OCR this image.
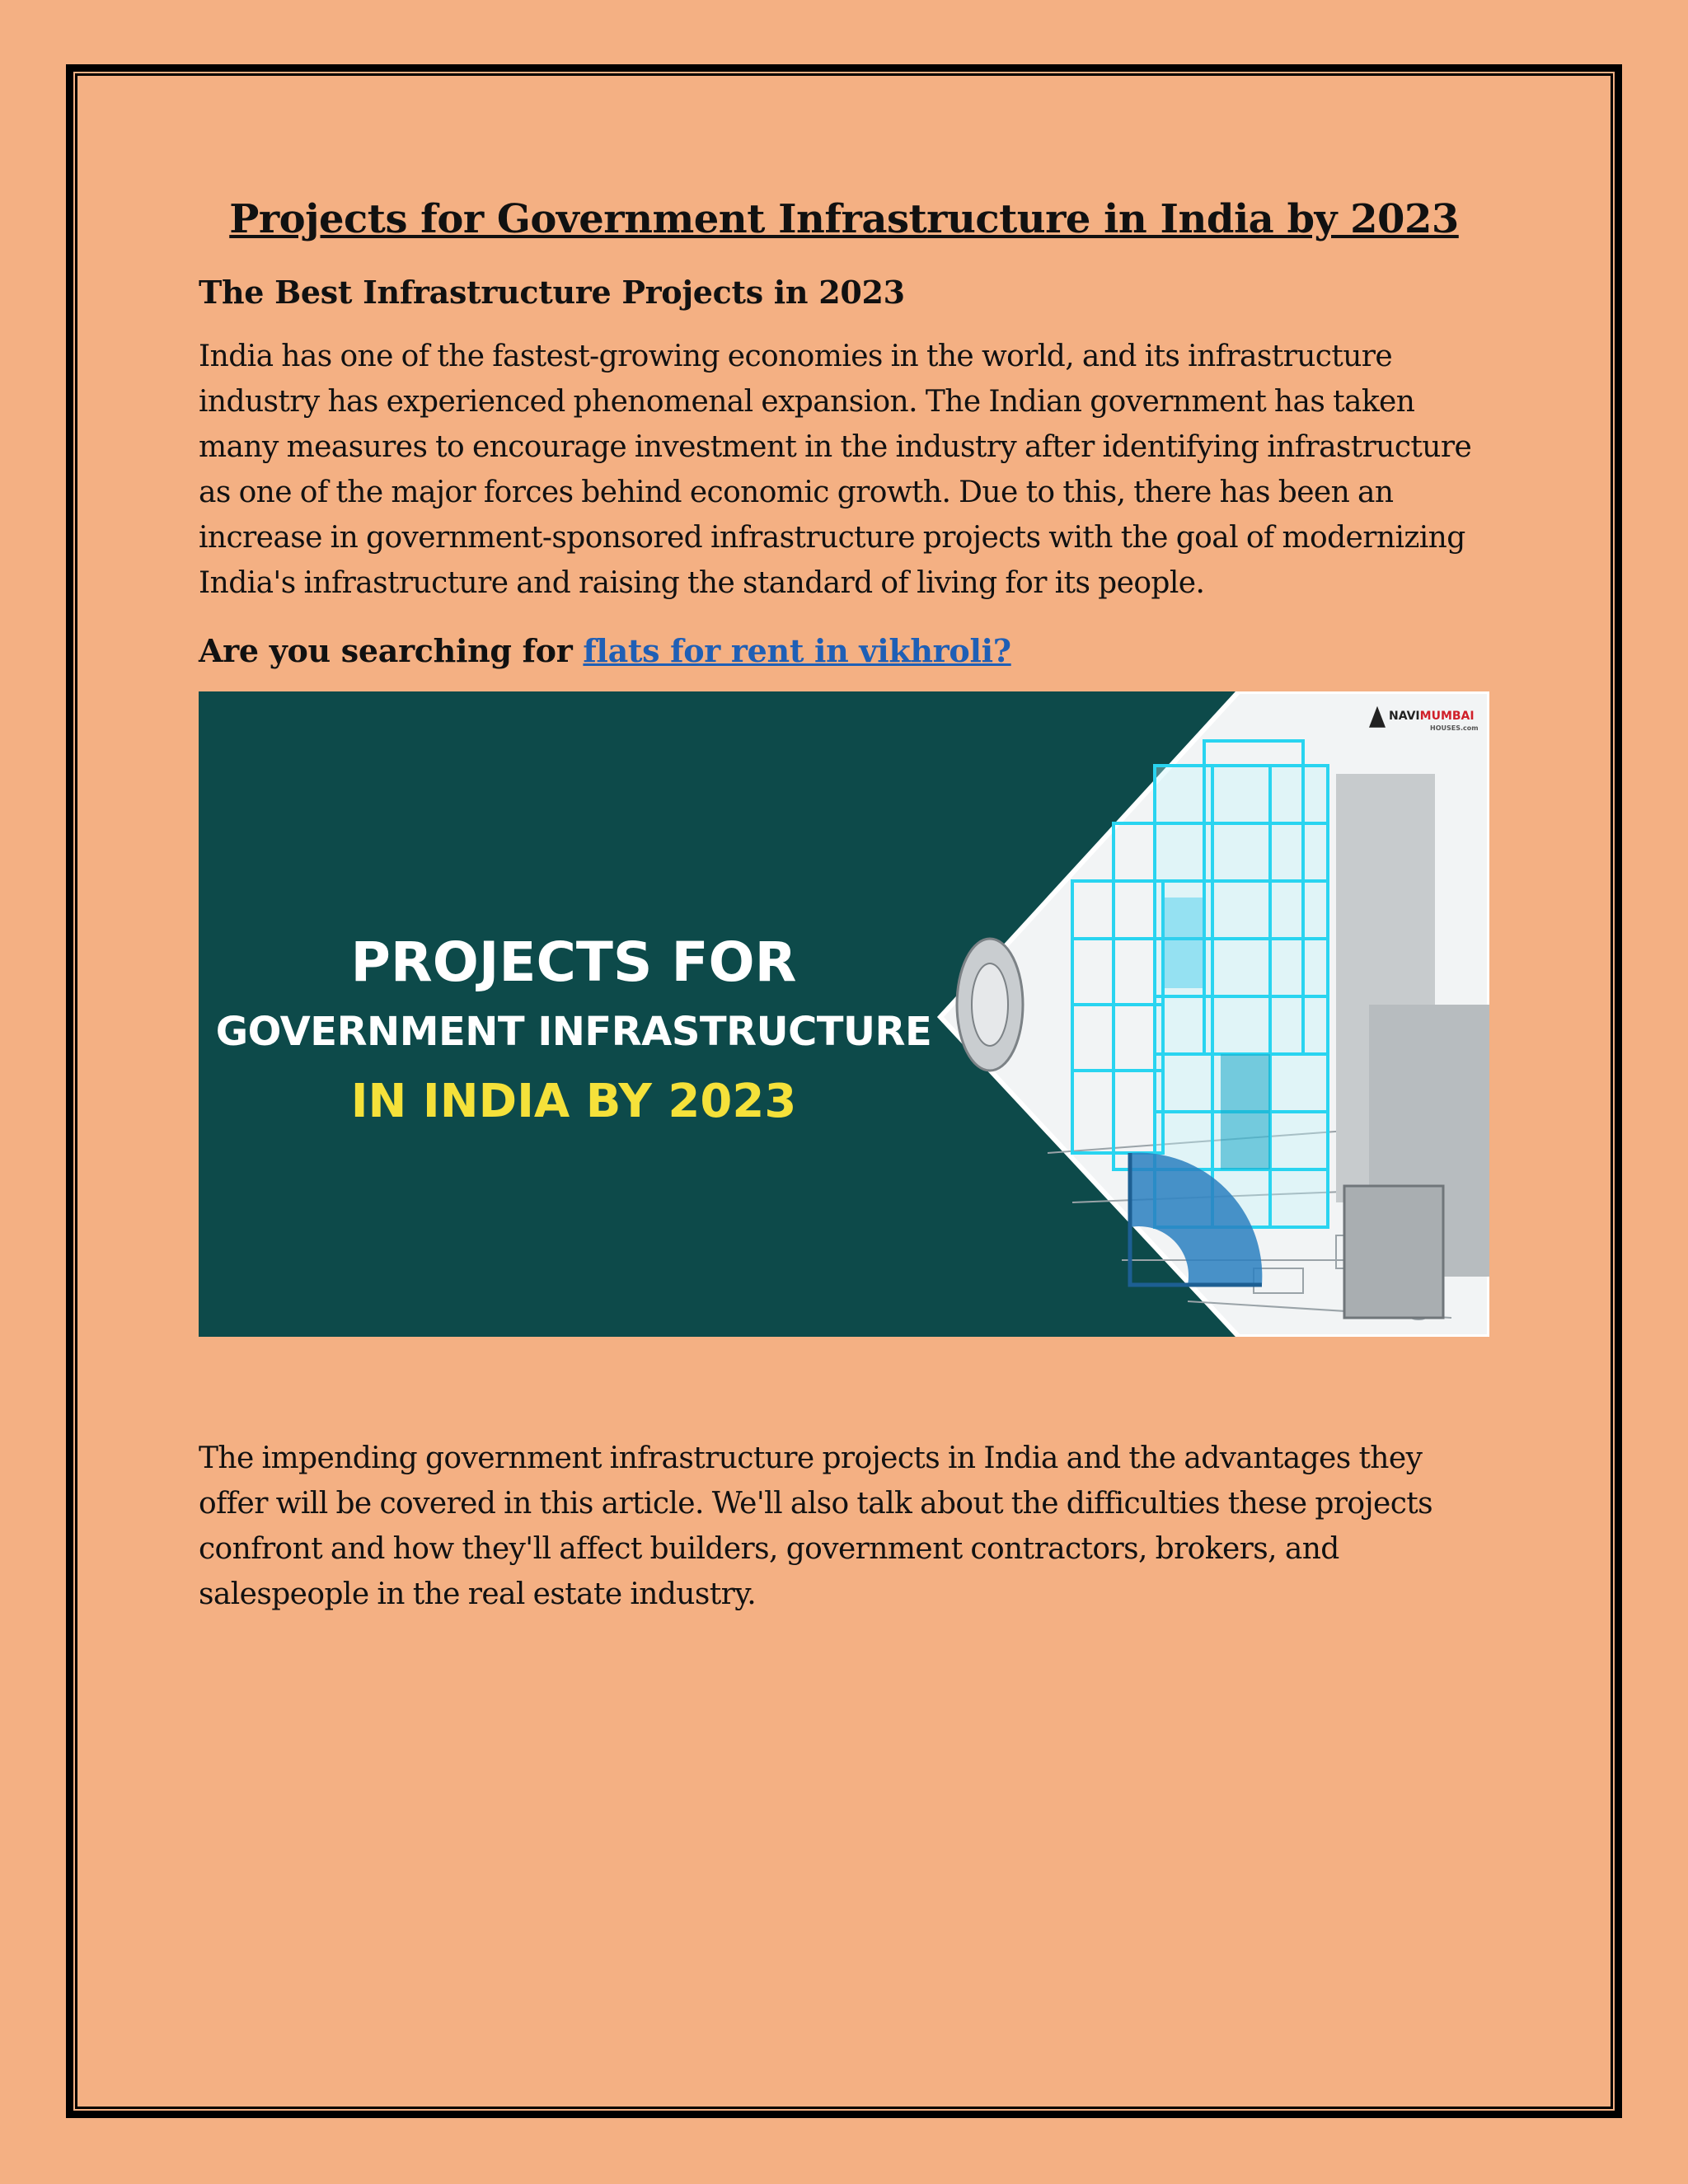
Projects for Government Infrastructure in India by 2023
The Best Infrastructure Projects in 2023

India has one of the fastest-growing economies in the world, and its infrastructure industry has experienced phenomenal expansion. The Indian government has taken many measures to encourage investment in the industry after identifying infrastructure as one of the major forces behind economic growth. Due to this, there has been an increase in government-sponsored infrastructure projects with the goal of modernizing India's infrastructure and raising the standard of living for its people.

Are you searching for flats for rent in vikhroli?
PROJECTS FOR
GOVERNMENT INFRASTRUCTURE
IN INDIA BY 2023
NAVIMUMBAI
HOUSES.com

The impending government infrastructure projects in India and the advantages they offer will be covered in this article. We'll also talk about the difficulties these projects confront and how they'll affect builders, government contractors, brokers, and salespeople in the real estate industry.
